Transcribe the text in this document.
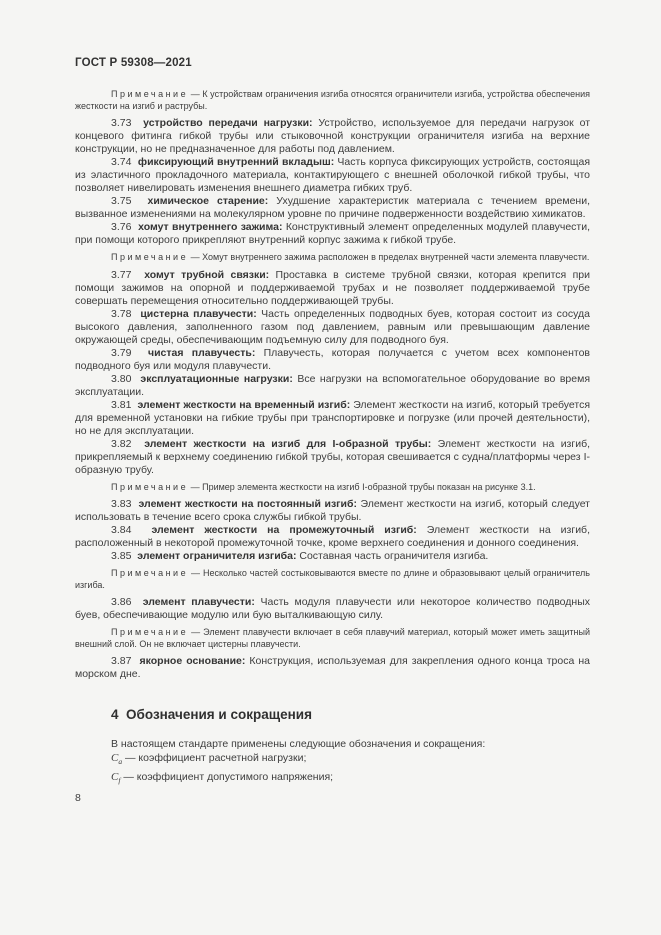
ГОСТ Р 59308—2021

Примечание — К устройствам ограничения изгиба относятся ограничители изгиба, устройства обеспечения жесткости на изгиб и раструбы.

3.73 устройство передачи нагрузки: Устройство, используемое для передачи нагрузок от концевого фитинга гибкой трубы или стыковочной конструкции ограничителя изгиба на верхние конструкции, но не предназначенное для работы под давлением.

3.74 фиксирующий внутренний вкладыш: Часть корпуса фиксирующих устройств, состоящая из эластичного прокладочного материала, контактирующего с внешней оболочкой гибкой трубы, что позволяет нивелировать изменения внешнего диаметра гибких труб.

3.75 химическое старение: Ухудшение характеристик материала с течением времени, вызванное изменениями на молекулярном уровне по причине подверженности воздействию химикатов.

3.76 хомут внутреннего зажима: Конструктивный элемент определенных модулей плавучести, при помощи которого прикрепляют внутренний корпус зажима к гибкой трубе.

Примечание — Хомут внутреннего зажима расположен в пределах внутренней части элемента плавучести.

3.77 хомут трубной связки: Проставка в системе трубной связки, которая крепится при помощи зажимов на опорной и поддерживаемой трубах и не позволяет поддерживаемой трубе совершать перемещения относительно поддерживающей трубы.

3.78 цистерна плавучести: Часть определенных подводных буев, которая состоит из сосуда высокого давления, заполненного газом под давлением, равным или превышающим давление окружающей среды, обеспечивающим подъемную силу для подводного буя.

3.79 чистая плавучесть: Плавучесть, которая получается с учетом всех компонентов подводного буя или модуля плавучести.

3.80 эксплуатационные нагрузки: Все нагрузки на вспомогательное оборудование во время эксплуатации.

3.81 элемент жесткости на временный изгиб: Элемент жесткости на изгиб, который требуется для временной установки на гибкие трубы при транспортировке и погрузке (или прочей деятельности), но не для эксплуатации.

3.82 элемент жесткости на изгиб для I-образной трубы: Элемент жесткости на изгиб, прикрепляемый к верхнему соединению гибкой трубы, которая свешивается с судна/платформы через I-образную трубу.

Примечание — Пример элемента жесткости на изгиб I-образной трубы показан на рисунке 3.1.

3.83 элемент жесткости на постоянный изгиб: Элемент жесткости на изгиб, который следует использовать в течение всего срока службы гибкой трубы.

3.84 элемент жесткости на промежуточный изгиб: Элемент жесткости на изгиб, расположенный в некоторой промежуточной точке, кроме верхнего соединения и донного соединения.

3.85 элемент ограничителя изгиба: Составная часть ограничителя изгиба.

Примечание — Несколько частей состыковываются вместе по длине и образовывают целый ограничитель изгиба.

3.86 элемент плавучести: Часть модуля плавучести или некоторое количество подводных буев, обеспечивающие модулю или бую выталкивающую силу.

Примечание — Элемент плавучести включает в себя плавучий материал, который может иметь защитный внешний слой. Он не включает цистерны плавучести.

3.87 якорное основание: Конструкция, используемая для закрепления одного конца троса на морском дне.

4 Обозначения и сокращения

В настоящем стандарте применены следующие обозначения и сокращения:

$C_a$ — коэффициент расчетной нагрузки;

$C_f$ — коэффициент допустимого напряжения;

8
